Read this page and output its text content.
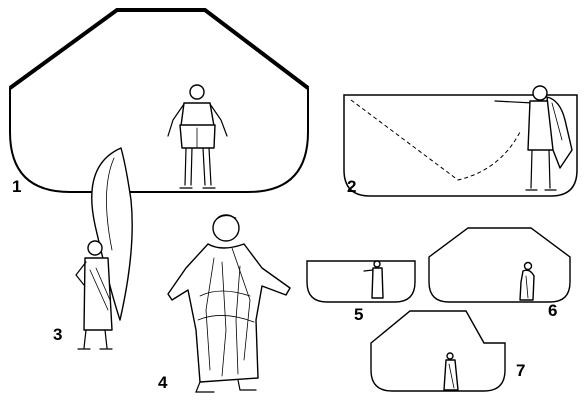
1	2
3
4
5	6
7
